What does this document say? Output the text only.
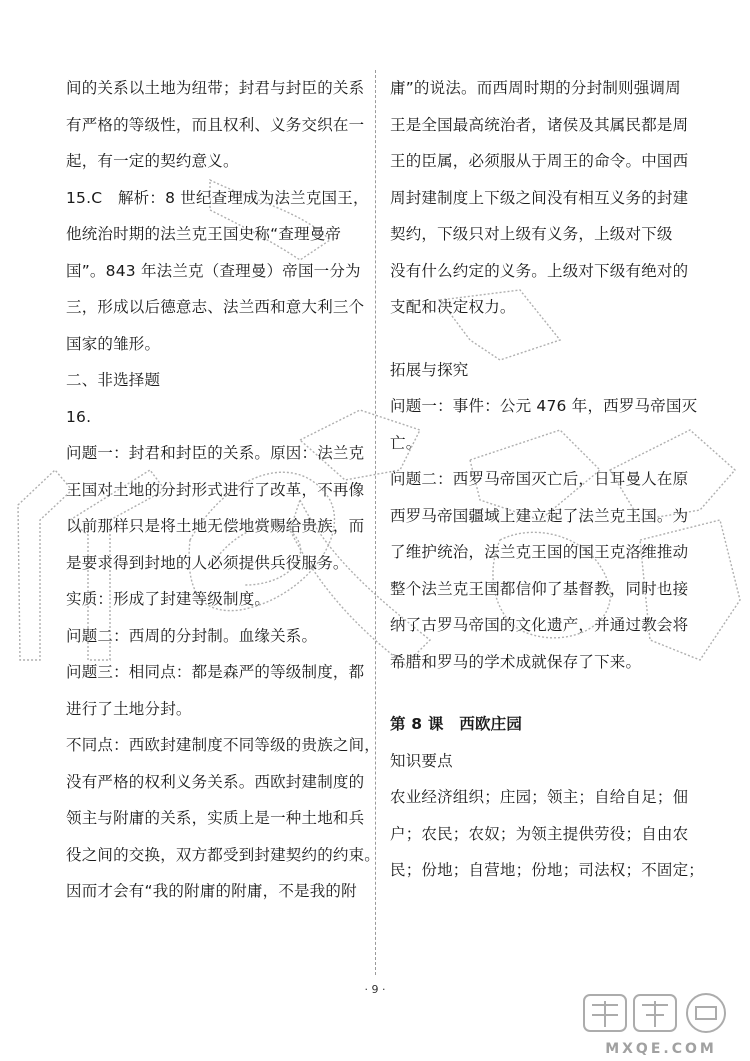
间的关系以土地为纽带；封君与封臣的关系
有严格的等级性，而且权利、义务交织在一
起，有一定的契约意义。
15.C　解析：8 世纪查理成为法兰克国王，
他统治时期的法兰克王国史称“查理曼帝
国”。843 年法兰克（查理曼）帝国一分为
三，形成以后德意志、法兰西和意大利三个
国家的雏形。
二、非选择题
16.
问题一：封君和封臣的关系。原因：法兰克
王国对土地的分封形式进行了改革，不再像
以前那样只是将土地无偿地赏赐给贵族，而
是要求得到封地的人必须提供兵役服务。
实质：形成了封建等级制度。
问题二：西周的分封制。血缘关系。
问题三：相同点：都是森严的等级制度，都
进行了土地分封。
不同点：西欧封建制度不同等级的贵族之间，
没有严格的权利义务关系。西欧封建制度的
领主与附庸的关系，实质上是一种土地和兵
役之间的交换，双方都受到封建契约的约束。
因而才会有“我的附庸的附庸，不是我的附
庸”的说法。而西周时期的分封制则强调周
王是全国最高统治者，诸侯及其属民都是周
王的臣属，必须服从于周王的命令。中国西
周封建制度上下级之间没有相互义务的封建
契约，下级只对上级有义务，上级对下级
没有什么约定的义务。上级对下级有绝对的
支配和决定权力。
拓展与探究
问题一：事件：公元 476 年，西罗马帝国灭
亡。
问题二：西罗马帝国灭亡后，日耳曼人在原
西罗马帝国疆域上建立起了法兰克王国。为
了维护统治，法兰克王国的国王克洛维推动
整个法兰克王国都信仰了基督教，同时也接
纳了古罗马帝国的文化遗产，并通过教会将
希腊和罗马的学术成就保存了下来。
第 8 课　西欧庄园
知识要点
农业经济组织；庄园；领主；自给自足；佃
户；农民；农奴；为领主提供劳役；自由农
民；份地；自营地；份地；司法权；不固定；
· 9 ·
MXQE.COM
